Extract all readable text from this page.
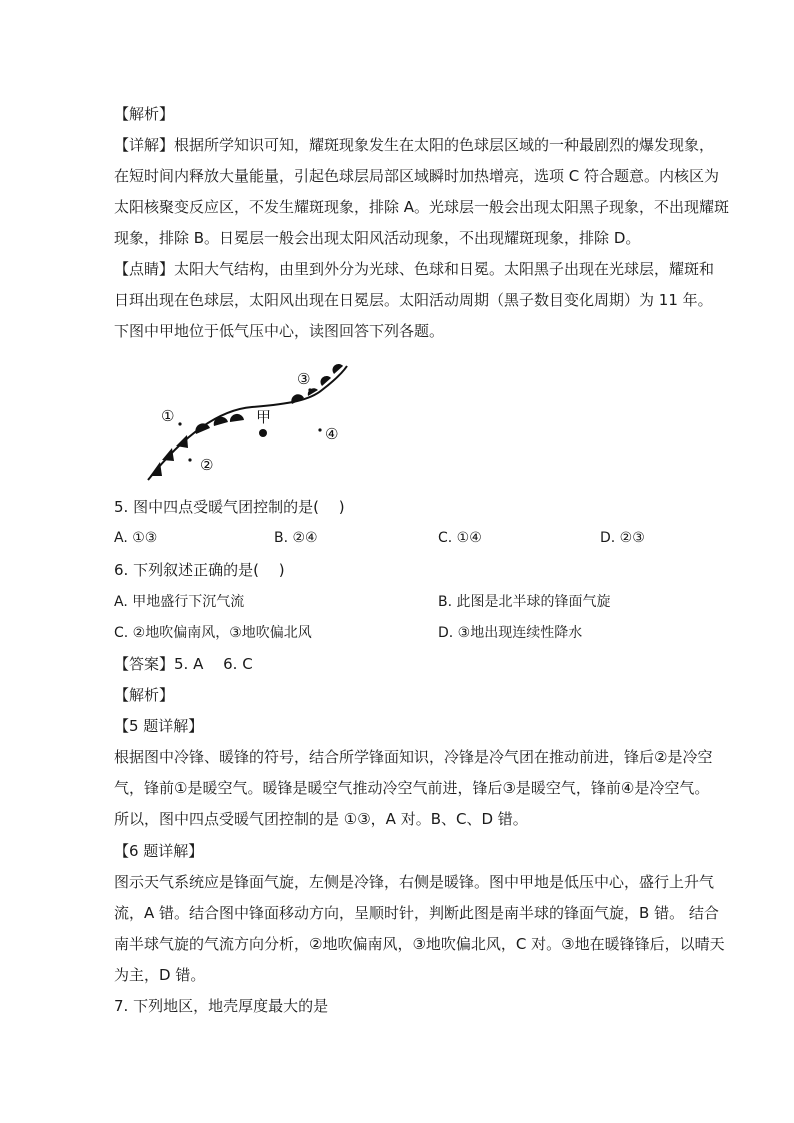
【解析】
【详解】根据所学知识可知，耀斑现象发生在太阳的色球层区域的一种最剧烈的爆发现象，
在短时间内释放大量能量，引起色球层局部区域瞬时加热增亮，选项 C 符合题意。内核区为
太阳核聚变反应区，不发生耀斑现象，排除 A。光球层一般会出现太阳黑子现象，不出现耀斑
现象，排除 B。日冕层一般会出现太阳风活动现象，不出现耀斑现象，排除 D。
【点睛】太阳大气结构，由里到外分为光球、色球和日冕。太阳黑子出现在光球层，耀斑和
日珥出现在色球层，太阳风出现在日冕层。太阳活动周期（黑子数目变化周期）为 11 年。
下图中甲地位于低气压中心，读图回答下列各题。
甲
①
②
③
④
5. 图中四点受暖气团控制的是(　 )
A. ①③	B. ②④	C. ①④	D. ②③
6. 下列叙述正确的是(　 )
A. 甲地盛行下沉气流	B. 此图是北半球的锋面气旋
C. ②地吹偏南风，③地吹偏北风	D. ③地出现连续性降水
【答案】5. A　 6. C
【解析】
【5 题详解】
根据图中冷锋、暖锋的符号，结合所学锋面知识，冷锋是冷气团在推动前进，锋后②是冷空
气，锋前①是暖空气。暖锋是暖空气推动冷空气前进，锋后③是暖空气，锋前④是冷空气。
所以，图中四点受暖气团控制的是 ①③，A 对。B、C、D 错。
【6 题详解】
图示天气系统应是锋面气旋，左侧是冷锋，右侧是暖锋。图中甲地是低压中心，盛行上升气
流，A 错。结合图中锋面移动方向，呈顺时针，判断此图是南半球的锋面气旋，B 错。 结合
南半球气旋的气流方向分析，②地吹偏南风，③地吹偏北风，C 对。③地在暖锋锋后，以晴天
为主，D 错。
7. 下列地区，地壳厚度最大的是
